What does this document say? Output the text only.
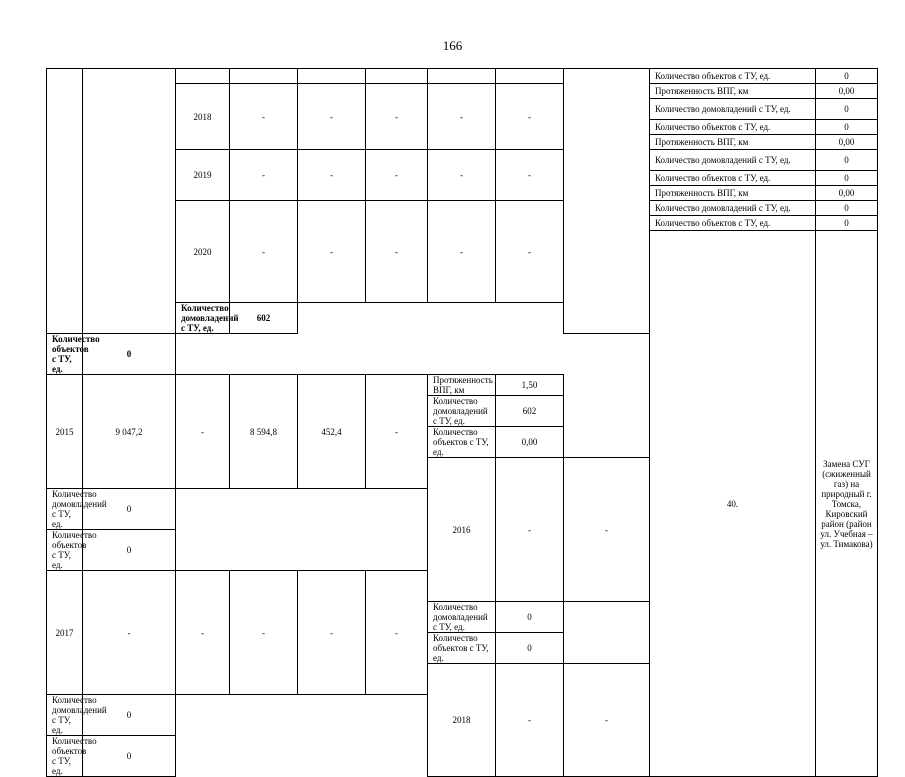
166
									Количество объектов с ТУ, ед.	0	
		2018	-	-	-	-	-		Протяженность ВПГ, км	0,00	
									Количество домовладений с ТУ, ед.	0	
									Количество объектов с ТУ, ед.	0	
									Протяженность ВПГ, км	0,00	
		2019	-	-	-	-	-		Количество домовладений с ТУ, ед.	0	
									Количество объектов с ТУ, ед.	0	
									Протяженность ВПГ, км	0,00	
		2020	-	-	-	-	-		Количество домовладений с ТУ, ед.	0	
									Количество объектов с ТУ, ед.	0	
									40.	Замена СУГ (сжиженный газ) на природный г. Томска, Кировский район (район ул. Учебная – ул. Тимакова)									

		Количество домовладений с ТУ, ед.	602								
Количество объектов с ТУ, ед.	0										
2015	9 047,2	-	8 594,8	452,4	-	Протяженность ВПГ, км	1,50				
						Количество домовладений с ТУ, ед.	602				
						Количество объектов с ТУ, ед.	0,00				
						2016	-	-					
Количество домовладений с ТУ, ед.	0										
Количество объектов с ТУ, ед.	0										
2017	-	-	-	-	-		
						Количество домовладений с ТУ, ед.	0				
						Количество объектов с ТУ, ед.	0				
						2018	-	-					
Количество домовладений с ТУ, ед.	0										
Количество объектов с ТУ, ед.	0										
